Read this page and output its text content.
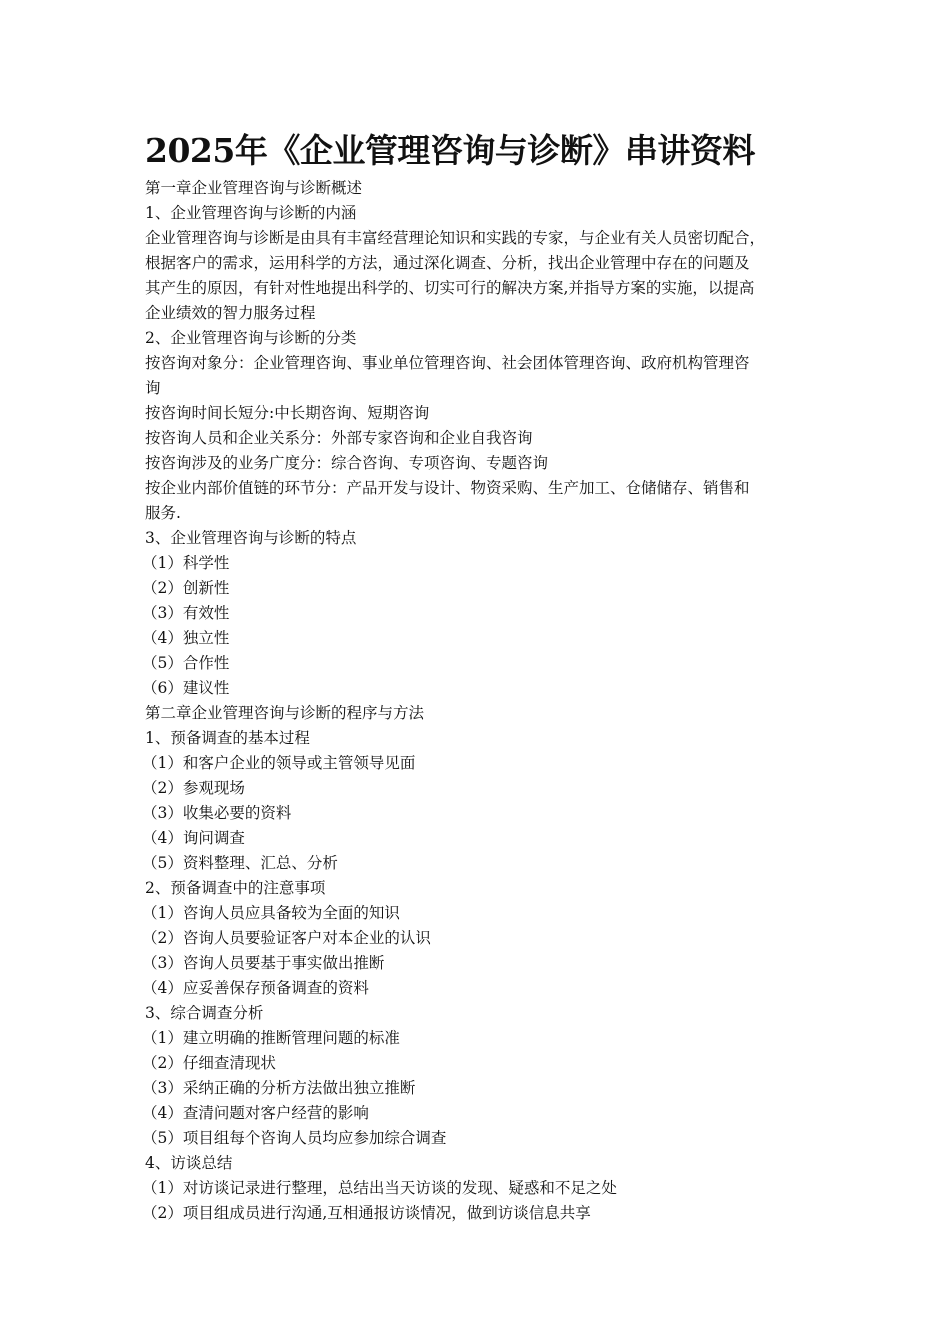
2025年《企业管理咨询与诊断》串讲资料
第一章企业管理咨询与诊断概述
1、企业管理咨询与诊断的内涵
企业管理咨询与诊断是由具有丰富经营理论知识和实践的专家，与企业有关人员密切配合，
根据客户的需求，运用科学的方法，通过深化调查、分析，找出企业管理中存在的问题及
其产生的原因，有针对性地提出科学的、切实可行的解决方案,并指导方案的实施，以提高
企业绩效的智力服务过程
2、企业管理咨询与诊断的分类
按咨询对象分：企业管理咨询、事业单位管理咨询、社会团体管理咨询、政府机构管理咨
询
按咨询时间长短分:中长期咨询、短期咨询
按咨询人员和企业关系分：外部专家咨询和企业自我咨询
按咨询涉及的业务广度分：综合咨询、专项咨询、专题咨询
按企业内部价值链的环节分：产品开发与设计、物资采购、生产加工、仓储储存、销售和
服务.
3、企业管理咨询与诊断的特点
（1）科学性
（2）创新性
（3）有效性
（4）独立性
（5）合作性
（6）建议性
第二章企业管理咨询与诊断的程序与方法
1、预备调查的基本过程
（1）和客户企业的领导或主管领导见面
（2）参观现场
（3）收集必要的资料
（4）询问调查
（5）资料整理、汇总、分析
2、预备调查中的注意事项
（1）咨询人员应具备较为全面的知识
（2）咨询人员要验证客户对本企业的认识
（3）咨询人员要基于事实做出推断
（4）应妥善保存预备调查的资料
3、综合调查分析
（1）建立明确的推断管理问题的标准
（2）仔细查清现状
（3）采纳正确的分析方法做出独立推断
（4）查清问题对客户经营的影响
（5）项目组每个咨询人员均应参加综合调查
4、访谈总结
（1）对访谈记录进行整理，总结出当天访谈的发现、疑惑和不足之处
（2）项目组成员进行沟通,互相通报访谈情况，做到访谈信息共享
